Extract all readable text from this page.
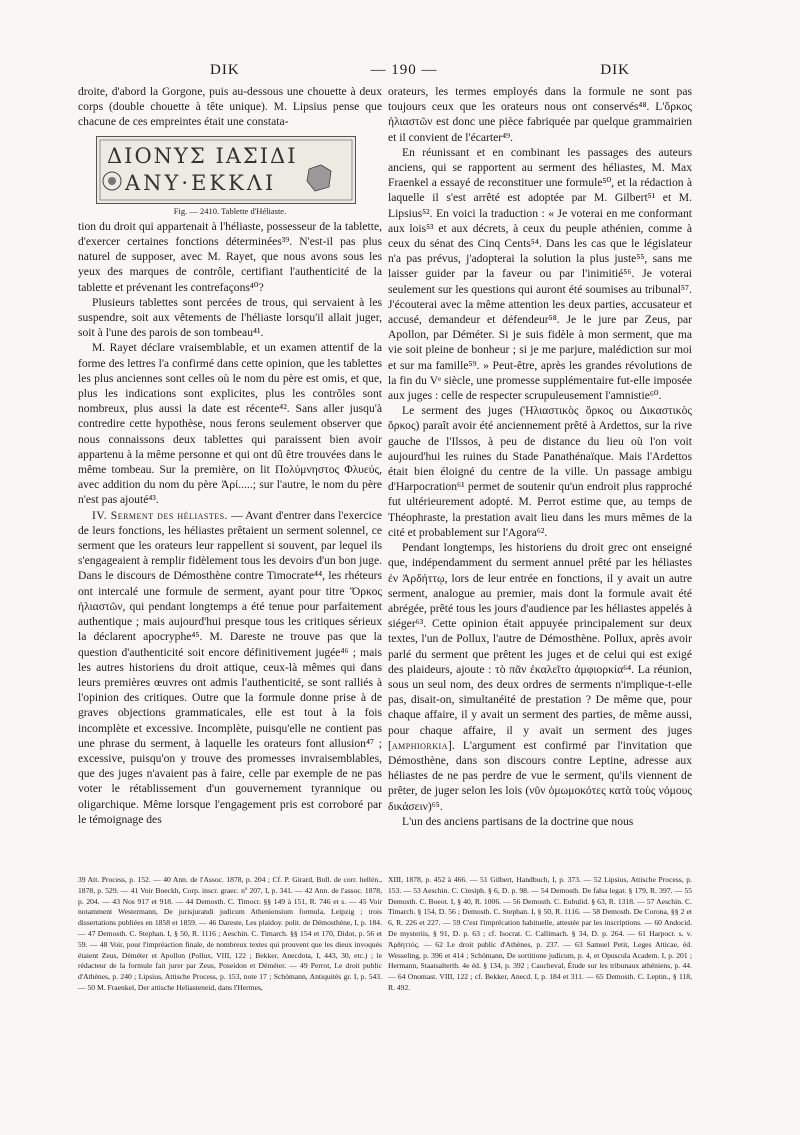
DIK	— 190 —	DIK

droite, d'abord la Gorgone, puis au-dessous une chouette à deux corps (double chouette à tête unique). M. Lipsius pense que chacune de ces empreintes était une constata-

ΔΙΟΝΥΣ ΙΑΣΙΔΙ
ΑΝΥ·ΕΚΚΛΙ

Fig. — 2410. Tablette d'Héliaste.

tion du droit qui appartenait à l'héliaste, possesseur de la tablette, d'exercer certaines fonctions déterminées³⁹. N'est-il pas plus naturel de supposer, avec M. Rayet, que nous avons sous les yeux des marques de contrôle, certifiant l'authenticité de la tablette et prévenant les contrefaçons⁴⁰?

Plusieurs tablettes sont percées de trous, qui servaient à les suspendre, soit aux vêtements de l'héliaste lorsqu'il allait juger, soit à l'une des parois de son tombeau⁴¹.

M. Rayet déclare vraisemblable, et un examen attentif de la forme des lettres l'a confirmé dans cette opinion, que les tablettes les plus anciennes sont celles où le nom du père est omis, et que, plus les indications sont explicites, plus les contrôles sont nombreux, plus aussi la date est récente⁴². Sans aller jusqu'à contredire cette hypothèse, nous ferons seulement observer que nous connaissons deux tablettes qui paraissent bien avoir appartenu à la même personne et qui ont dû être trouvées dans le même tombeau. Sur la première, on lit Πολύμνηστος Φλυεύς, avec addition du nom du père Ἀρί.....; sur l'autre, le nom du père n'est pas ajouté⁴³.

IV. Serment des héliastes. — Avant d'entrer dans l'exercice de leurs fonctions, les héliastes prêtaient un serment solennel, ce serment que les orateurs leur rappellent si souvent, par lequel ils s'engageaient à remplir fidèlement tous les devoirs d'un bon juge. Dans le discours de Démosthène contre Timocrate⁴⁴, les rhéteurs ont intercalé une formule de serment, ayant pour titre Ὅρκος ἡλιαστῶν, qui pendant longtemps a été tenue pour parfaitement authentique ; mais aujourd'hui presque tous les critiques sérieux la déclarent apocryphe⁴⁵. M. Dareste ne trouve pas que la question d'authenticité soit encore définitivement jugée⁴⁶ ; mais les autres historiens du droit attique, ceux-là mêmes qui dans leurs premières œuvres ont admis l'authenticité, se sont ralliés à l'opinion des critiques. Outre que la formule donne prise à de graves objections grammaticales, elle est tout à la fois incomplète et excessive. Incomplète, puisqu'elle ne contient pas une phrase du serment, à laquelle les orateurs font allusion⁴⁷ ; excessive, puisqu'on y trouve des promesses invraisemblables, que des juges n'avaient pas à faire, celle par exemple de ne pas voter le rétablissement d'un gouvernement tyrannique ou oligarchique. Même lorsque l'engagement pris est corroboré par le témoignage des

orateurs, les termes employés dans la formule ne sont pas toujours ceux que les orateurs nous ont conservés⁴⁸. L'ὅρκος ἡλιαστῶν est donc une pièce fabriquée par quelque grammairien et il convient de l'écarter⁴⁹.

En réunissant et en combinant les passages des auteurs anciens, qui se rapportent au serment des héliastes, M. Max Fraenkel a essayé de reconstituer une formule⁵⁰, et la rédaction à laquelle il s'est arrêté est adoptée par M. Gilbert⁵¹ et M. Lipsius⁵². En voici la traduction : « Je voterai en me conformant aux lois⁵³ et aux décrets, à ceux du peuple athénien, comme à ceux du sénat des Cinq Cents⁵⁴. Dans les cas que le législateur n'a pas prévus, j'adopterai la solution la plus juste⁵⁵, sans me laisser guider par la faveur ou par l'inimitié⁵⁶. Je voterai seulement sur les questions qui auront été soumises au tribunal⁵⁷. J'écouterai avec la même attention les deux parties, accusateur et accusé, demandeur et défendeur⁵⁸. Je le jure par Zeus, par Apollon, par Déméter. Si je suis fidèle à mon serment, que ma vie soit pleine de bonheur ; si je me parjure, malédiction sur moi et sur ma famille⁵⁹. » Peut-être, après les grandes révolutions de la fin du Vᵉ siècle, une promesse supplémentaire fut-elle imposée aux juges : celle de respecter scrupuleusement l'amnistie⁶⁰.

Le serment des juges (Ἡλιαστικὸς ὅρκος ou Δικαστικὸς ὅρκος) paraît avoir été anciennement prêté à Ardettos, sur la rive gauche de l'Ilssos, à peu de distance du lieu où l'on voit aujourd'hui les ruines du Stade Panathénaïque. Mais l'Ardettos était bien éloigné du centre de la ville. Un passage ambigu d'Harpocration⁶¹ permet de soutenir qu'un endroit plus rapproché fut ultérieurement adopté. M. Perrot estime que, au temps de Théophraste, la prestation avait lieu dans les murs mêmes de la cité et probablement sur l'Agora⁶².

Pendant longtemps, les historiens du droit grec ont enseigné que, indépendamment du serment annuel prêté par les héliastes ἐν Ἀρδήττῳ, lors de leur entrée en fonctions, il y avait un autre serment, analogue au premier, mais dont la formule avait été abrégée, prêté tous les jours d'audience par les héliastes appelés à siéger⁶³. Cette opinion était appuyée principalement sur deux textes, l'un de Pollux, l'autre de Démosthène. Pollux, après avoir parlé du serment que prêtent les juges et de celui qui est exigé des plaideurs, ajoute : τὸ πᾶν ἐκαλεῖτο ἀμφιορκία⁶⁴. La réunion, sous un seul nom, des deux ordres de serments n'implique-t-elle pas, disait-on, simultanéité de prestation ? De même que, pour chaque affaire, il y avait un serment des parties, de même aussi, pour chaque affaire, il y avait un serment des juges [amphiorkia]. L'argument est confirmé par l'invitation que Démosthène, dans son discours contre Leptine, adresse aux héliastes de ne pas perdre de vue le serment, qu'ils viennent de prêter, de juger selon les lois (νῦν ὀμωμοκότες κατὰ τοὺς νόμους δικάσειν)⁶⁵.

L'un des anciens partisans de la doctrine que nous

39 Att. Process, p. 152. — 40 Ann. de l'Assoc. 1878, p. 204 ; Cf. P. Girard, Bull. de corr. hellén., 1878, p. 529. — 41 Voir Boeckh, Corp. inscr. graec. nº 207, I, p. 341. — 42 Ann. de l'assoc. 1878, p. 204. — 43 Nos 917 et 918. — 44 Demosth. C. Timocr. §§ 149 à 151, R. 746 et s. — 45 Voir notamment Westermann, De jurisjurandi judicum Atheniensium formula, Leipzig ; trois dissertations publiées en 1858 et 1859. — 46 Dareste, Les plaidoy. polit. de Démosthène, I, p. 184. — 47 Demosth. C. Stephan. I, § 50, R. 1116 ; Aeschin. C. Timarch. §§ 154 et 170, Didot, p. 56 et 59. — 48 Voir, pour l'impréaction finale, de nombreux textes qui prouvent que les dieux invoqués étaient Zeus, Déméter et Apollon (Pollux, VIII, 122 ; Bekker, Anecdota, I, 443, 30, etc.) ; le rédacteur de la formule fait jurer par Zeus, Poseidon et Déméter. — 49 Perrot, Le droit public d'Athènes, p. 240 ; Lipsius, Attische Process, p. 153, note 17 ; Schömann, Antiquités gr. I, p. 543. — 50 M. Fraenkel, Der attische Heliasteneid, dans l'Hermes,

XIII, 1878, p. 452 à 466. — 51 Gilbert, Handbuch, I, p. 373. — 52 Lipsius, Attische Process, p. 153. — 53 Aeschin. C. Ctesiph. § 6, D. p. 98. — 54 Demosth. De falsa legat. § 179, R. 397. — 55 Demosth. C. Boeot. I, § 40, R. 1006. — 56 Demosth. C. Eubulid. § 63, R. 1318. — 57 Aeschin. C. Timarch. § 154, D. 56 ; Demosth. C. Stephan. I, § 50, R. 1116. — 58 Demosth. De Corona, §§ 2 et 6, R. 226 et 227. — 59 C'est l'imprécation habituelle, attestée par les inscriptions. — 60 Andocid. De mysteriis, § 91, D. p. 63 ; cf. Isocrat. C. Callimach. § 34, D. p. 264. — 61 Harpocr. s. v. Ἀρδηττός. — 62 Le droit public d'Athènes, p. 237. — 63 Samuel Petit, Leges Atticae, éd. Wesseling, p. 396 et 414 ; Schömann, De sortitione judicum, p. 4, et Opuscula Academ. I, p. 201 ; Hermann, Staatsalterth. 4e éd. § 134, p. 392 ; Caucheval, Étude sur les tribunaux athéniens, p. 44. — 64 Onomast. VIII, 122 ; cf. Bekker, Anecd. I, p. 184 et 311. — 65 Demosth. C. Leptin., § 118, R. 492.
